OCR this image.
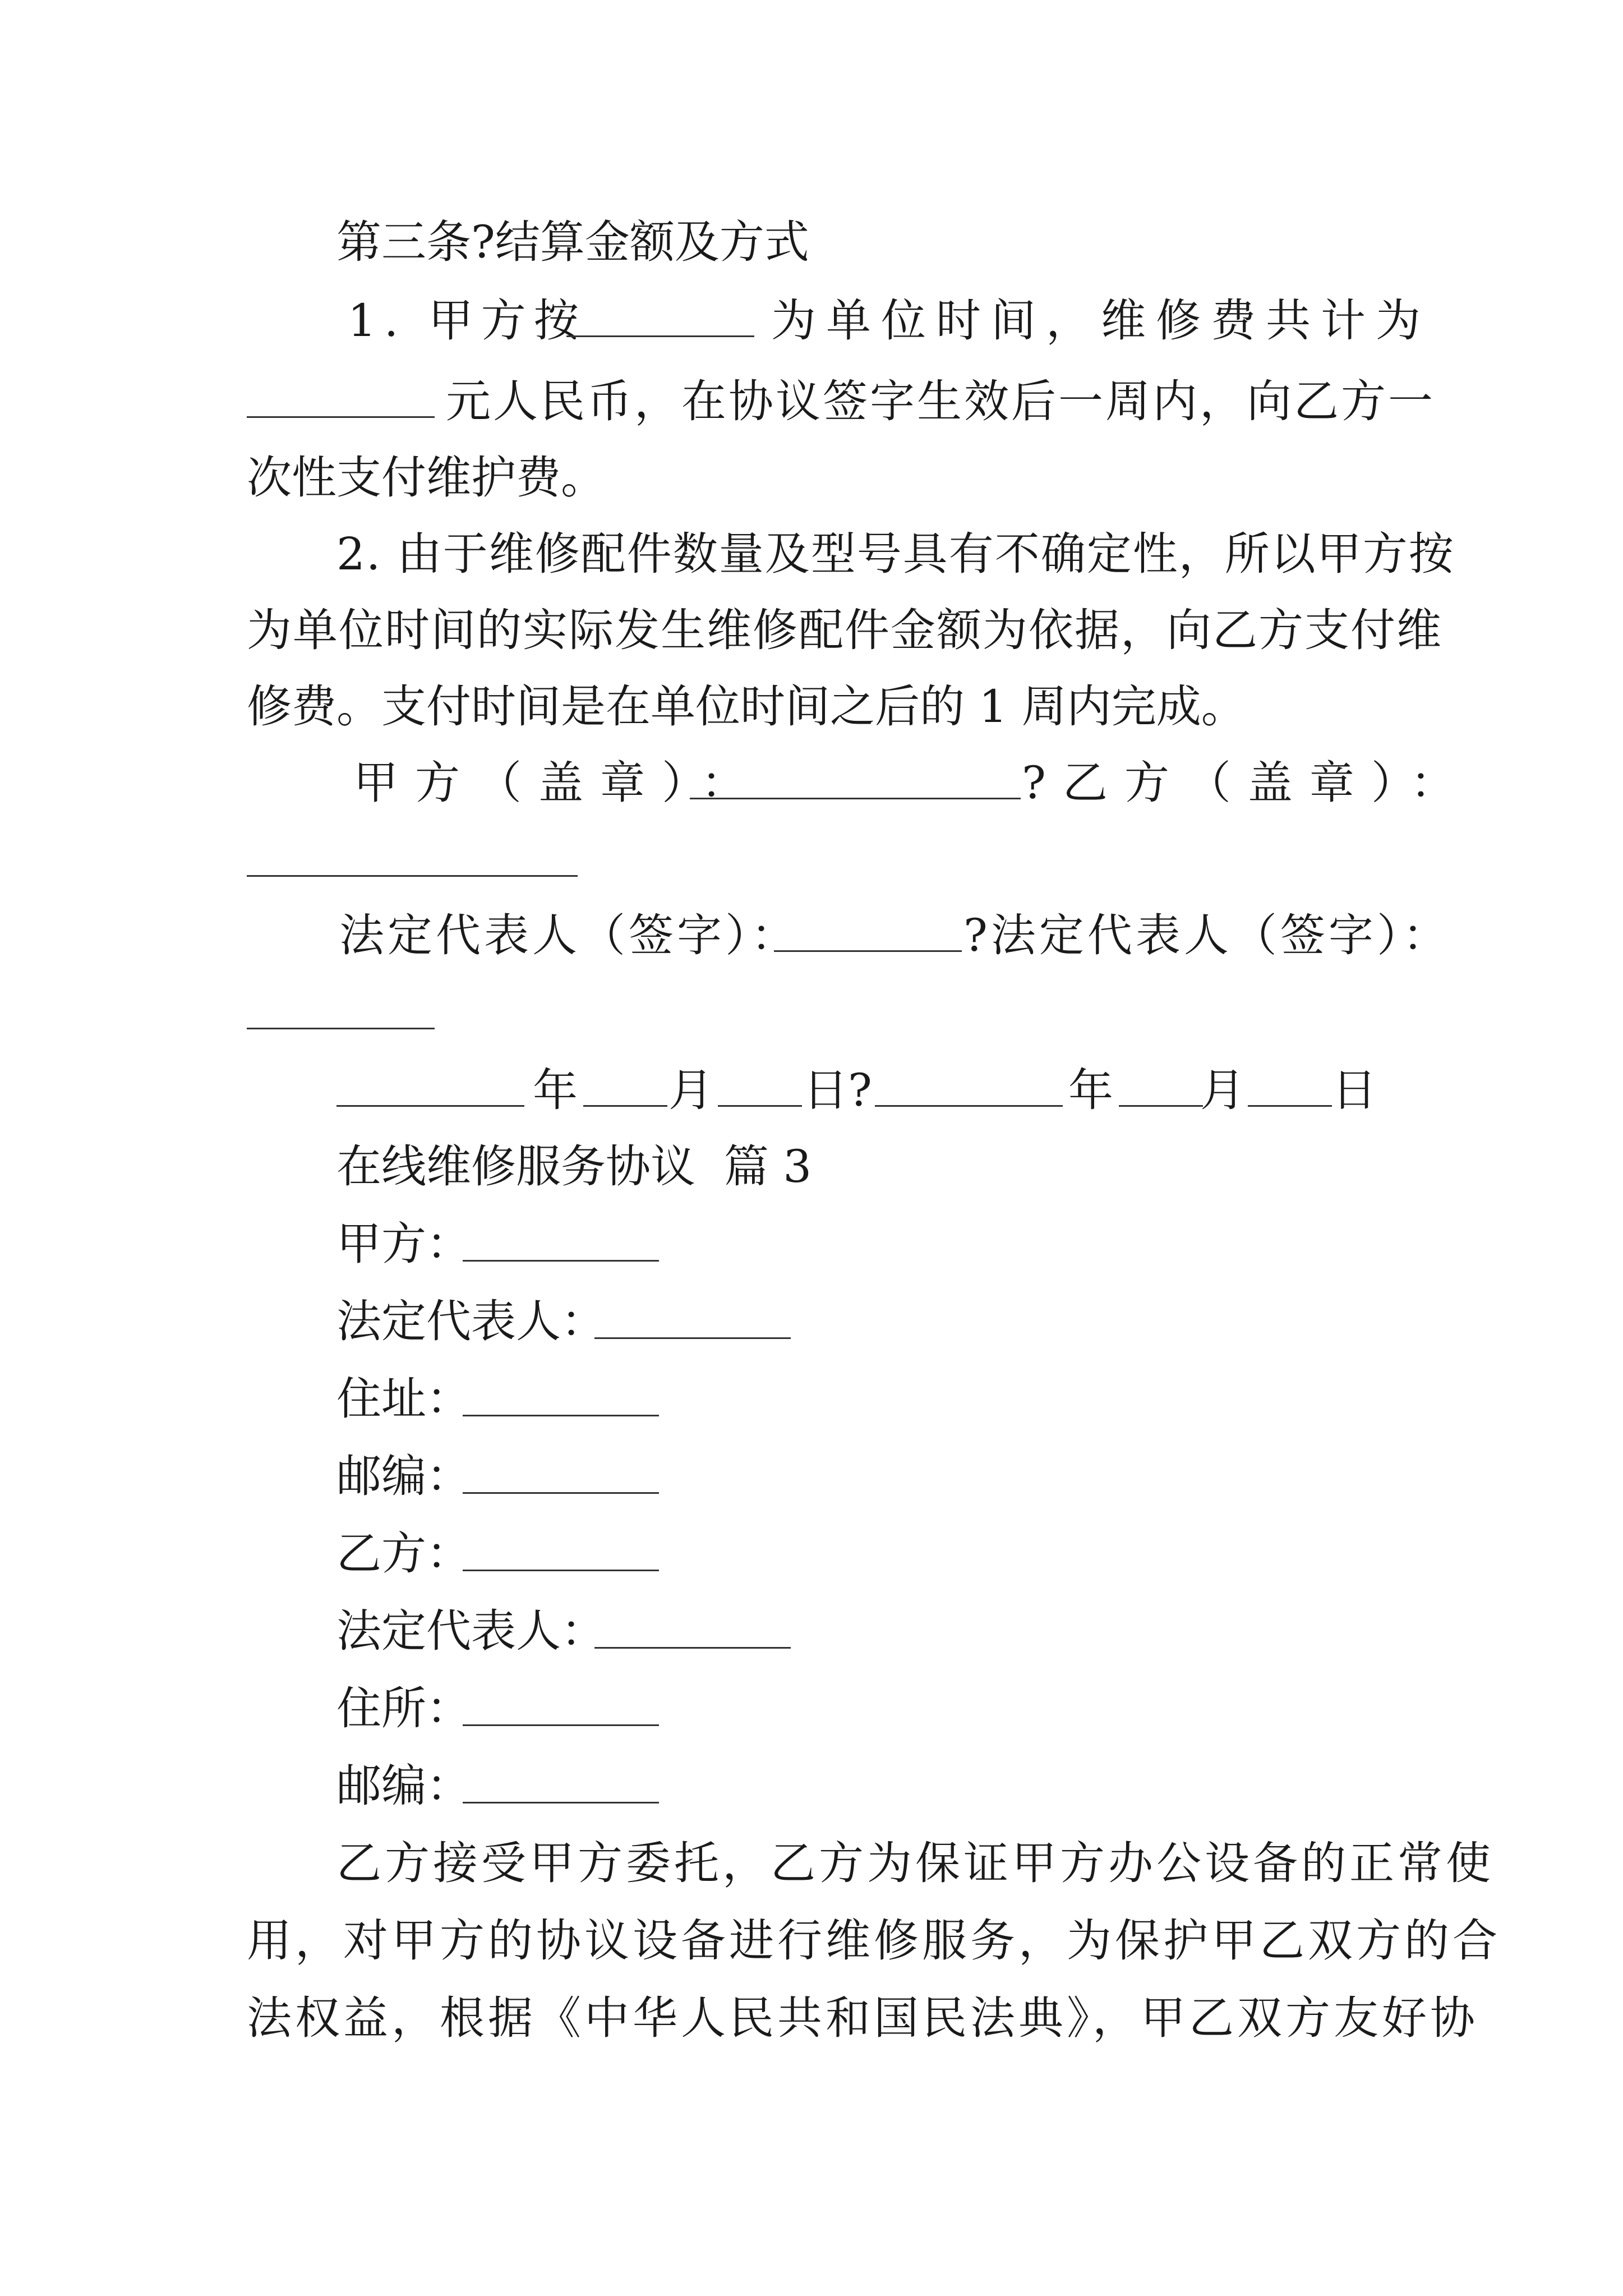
第三条?结算金额及方式
1. 甲方按	为单位时间，维修费共计为
元人民币，在协议签字生效后一周内，向乙方一
次性支付维护费。
2. 由于维修配件数量及型号具有不确定性，所以甲方按
为单位时间的实际发生维修配件金额为依据，向乙方支付维
修费。支付时间是在单位时间之后的 1 周内完成。
甲方（盖章）：	?乙方（盖章）：
法定代表人（签字）：	?法定代表人（签字）：
年 月 日 ?	年 月 日
在线维修服务协议  篇 3
甲方：
法定代表人：
住址：
邮编：
乙方：
法定代表人：
住所：
邮编：
乙方接受甲方委托，乙方为保证甲方办公设备的正常使
用，对甲方的协议设备进行维修服务，为保护甲乙双方的合
法权益，根据《中华人民共和国民法典》，甲乙双方友好协
